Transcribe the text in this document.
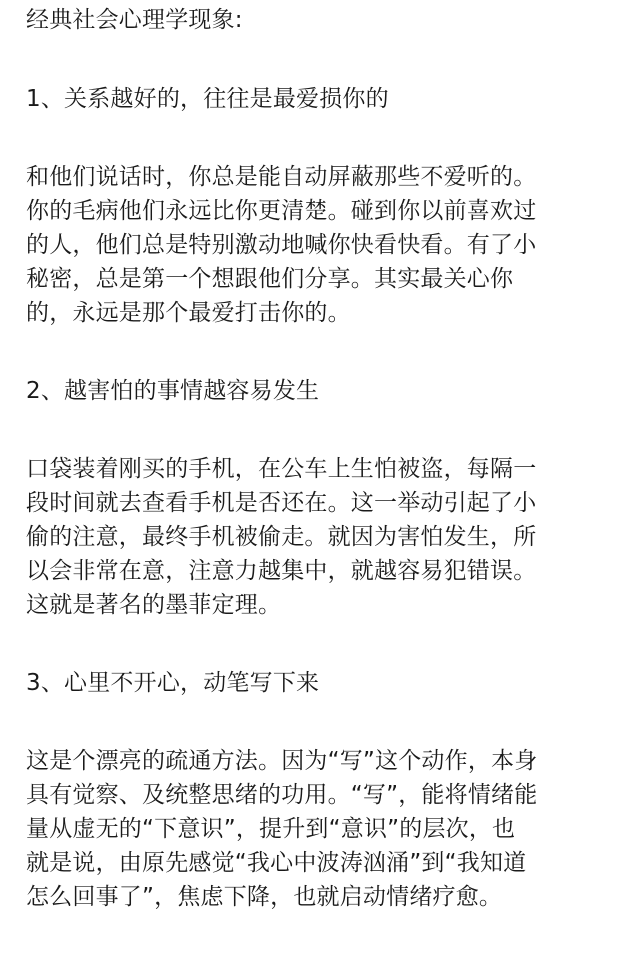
经典社会心理学现象:
1、关系越好的，往往是最爱损你的
和他们说话时，你总是能自动屏蔽那些不爱听的。
你的毛病他们永远比你更清楚。碰到你以前喜欢过
的人，他们总是特别激动地喊你快看快看。有了小
秘密，总是第一个想跟他们分享。其实最关心你
的，永远是那个最爱打击你的。
2、越害怕的事情越容易发生
口袋装着刚买的手机，在公车上生怕被盗，每隔一
段时间就去查看手机是否还在。这一举动引起了小
偷的注意，最终手机被偷走。就因为害怕发生，所
以会非常在意，注意力越集中，就越容易犯错误。
这就是著名的墨菲定理。
3、心里不开心，动笔写下来
这是个漂亮的疏通方法。因为“写”这个动作，本身
具有觉察、及统整思绪的功用。“写”，能将情绪能
量从虚无的“下意识”，提升到“意识”的层次，也
就是说，由原先感觉“我心中波涛汹涌”到“我知道
怎么回事了”，焦虑下降，也就启动情绪疗愈。
